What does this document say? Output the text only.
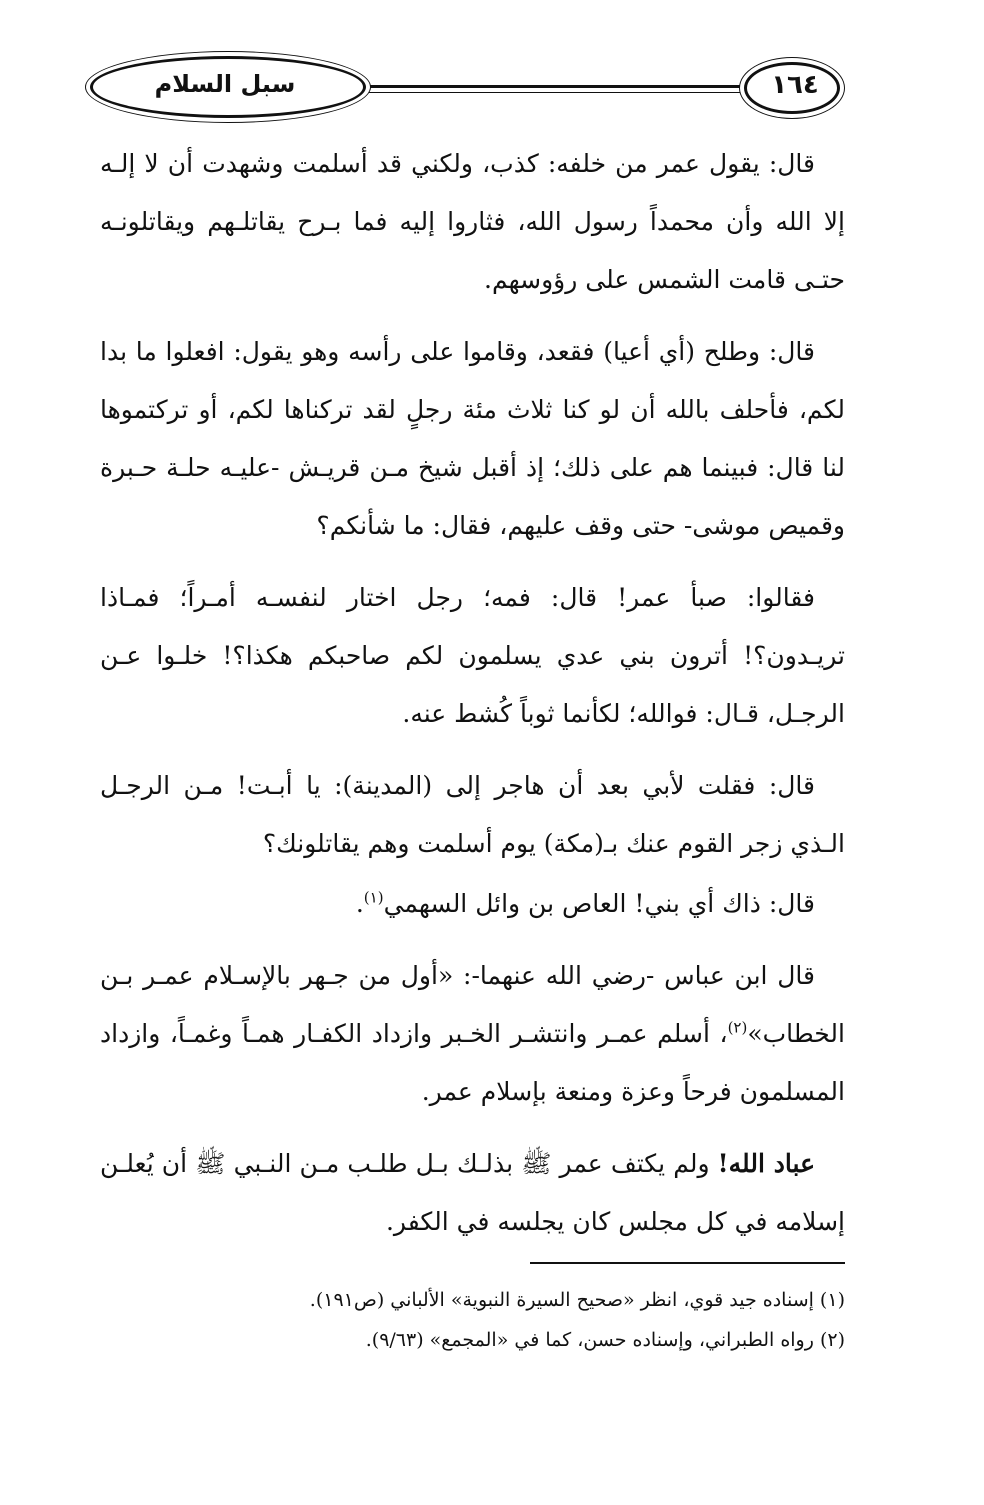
سبل السلام	١٦٤

قال: يقول عمر من خلفه: كذب، ولكني قد أسلمت وشهدت أن لا إلـه إلا الله وأن محمداً رسول الله، فثاروا إليه فما بـرح يقاتلـهم ويقاتلونـه حتـى قامت الشمس على رؤوسهم.

قال: وطلح (أي أعيا) فقعد، وقاموا على رأسه وهو يقول: افعلوا ما بدا لكم، فأحلف بالله أن لو كنا ثلاث مئة رجلٍ لقد تركناها لكم، أو تركتموها لنا قال: فبينما هم على ذلك؛ إذ أقبل شيخ مـن قريـش -عليـه حلـة حـبرة وقميص موشى- حتى وقف عليهم، فقال: ما شأنكم؟

فقالوا: صبأ عمر! قال: فمه؛ رجل اختار لنفسـه أمـراً؛ فمـاذا تريـدون؟! أترون بني عدي يسلمون لكم صاحبكم هكذا؟! خلـوا عـن الرجـل، قـال: فوالله؛ لكأنما ثوباً كُشط عنه.

قال: فقلت لأبي بعد أن هاجر إلى (المدينة): يا أبـت! مـن الرجـل الـذي زجر القوم عنك بـ(مكة) يوم أسلمت وهم يقاتلونك؟

قال: ذاك أي بني! العاص بن وائل السهمي$^{(١)}$.

قال ابن عباس -رضي الله عنهما-: «أول من جـهر بالإسـلام عمـر بـن الخطاب»$^{(٢)}$، أسلم عمـر وانتشـر الخـبر وازداد الكفـار همـاً وغمـاً، وازداد المسلمون فرحاً وعزة ومنعة بإسلام عمر.

عباد الله! ولم يكتف عمر ﷺ بذلـك بـل طلـب مـن النـبي ﷺ أن يُعلـن إسلامه في كل مجلس كان يجلسه في الكفر.

(١) إسناده جيد قوي، انظر «صحيح السيرة النبوية» الألباني (ص١٩١).

(٢) رواه الطبراني، وإسناده حسن، كما في «المجمع» (٩/٦٣).
